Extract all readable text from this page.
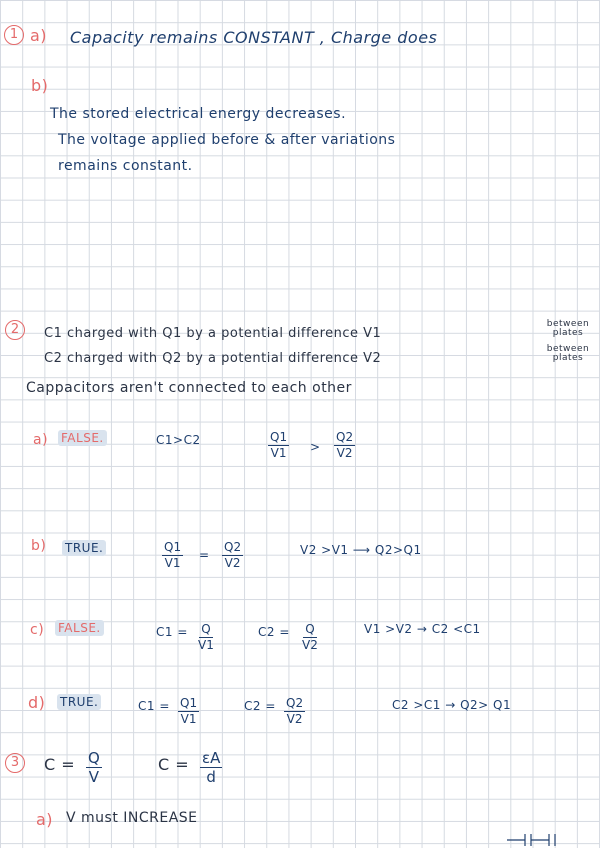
1 a) Capacity remains CONSTANT , Charge does
b)
The stored electrical energy decreases.
The voltage applied before & after variations
remains constant.
2	C1 charged with Q1 by a potential difference V1
between plates
C2 charged with Q2 by a potential difference V2
between plates
Cappacitors aren't connected to each other
a) FALSE.	C1>C2	$\frac{Q1}{V1} > \frac{Q2}{V2}$
b) TRUE.	$\frac{Q1}{V1} = \frac{Q2}{V2}$	V2 >V1 ⟶ Q2>Q1
c) FALSE.	$C1 = \frac{Q}{V1}$	$C2 = \frac{Q}{V2}$	V1 >V2 → C2 <C1
d) TRUE.	$C1 = \frac{Q1}{V1}$	$C2 = \frac{Q2}{V2}$	C2 >C1 → Q2> Q1
3	$C = \frac{Q}{V}$	$C = \frac{\varepsilon A}{d}$
a) V must INCREASE
